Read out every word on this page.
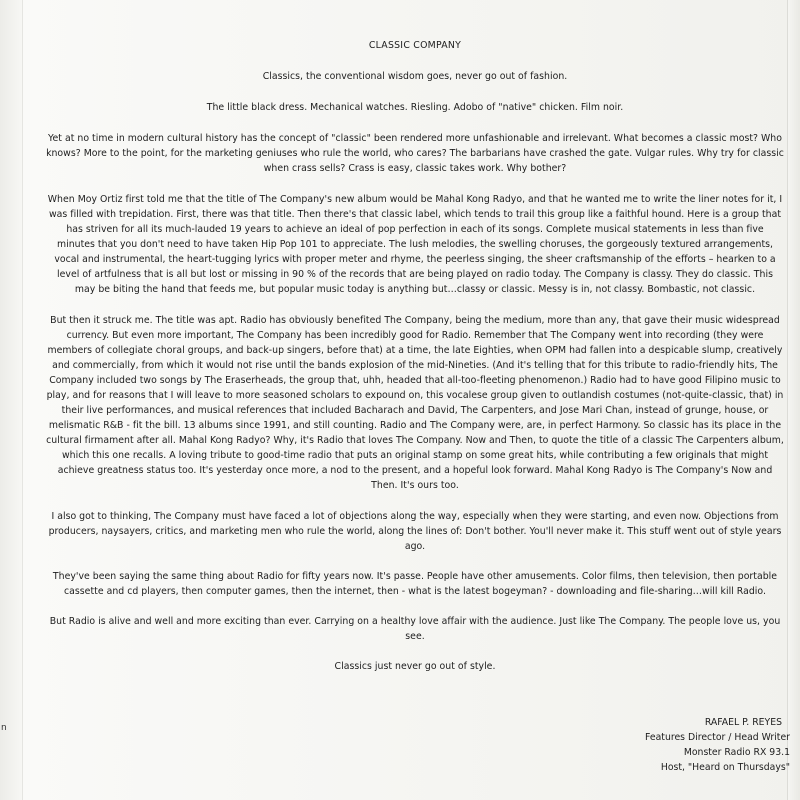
n
CLASSIC COMPANY

Classics, the conventional wisdom goes, never go out of fashion.

The little black dress. Mechanical watches. Riesling. Adobo of "native" chicken. Film noir.

Yet at no time in modern cultural history has the concept of "classic" been rendered more unfashionable and irrelevant. What becomes a classic most? Who knows? More to the point, for the marketing geniuses who rule the world, who cares? The barbarians have crashed the gate. Vulgar rules. Why try for classic when crass sells? Crass is easy, classic takes work. Why bother?

When Moy Ortiz first told me that the title of The Company's new album would be Mahal Kong Radyo, and that he wanted me to write the liner notes for it, I was filled with trepidation. First, there was that title. Then there's that classic label, which tends to trail this group like a faithful hound. Here is a group that has striven for all its much-lauded 19 years to achieve an ideal of pop perfection in each of its songs. Complete musical statements in less than five minutes that you don't need to have taken Hip Pop 101 to appreciate. The lush melodies, the swelling choruses, the gorgeously textured arrangements, vocal and instrumental, the heart-tugging lyrics with proper meter and rhyme, the peerless singing, the sheer craftsmanship of the efforts – hearken to a level of artfulness that is all but lost or missing in 90 % of the records that are being played on radio today. The Company is classy. They do classic. This may be biting the hand that feeds me, but popular music today is anything but…classy or classic. Messy is in, not classy. Bombastic, not classic.

But then it struck me. The title was apt. Radio has obviously benefited The Company, being the medium, more than any, that gave their music widespread currency. But even more important, The Company has been incredibly good for Radio. Remember that The Company went into recording (they were members of collegiate choral groups, and back-up singers, before that) at a time, the late Eighties, when OPM had fallen into a despicable slump, creatively and commercially, from which it would not rise until the bands explosion of the mid-Nineties. (And it's telling that for this tribute to radio-friendly hits, The Company included two songs by The Eraserheads, the group that, uhh, headed that all-too-fleeting phenomenon.) Radio had to have good Filipino music to play, and for reasons that I will leave to more seasoned scholars to expound on, this vocalese group given to outlandish costumes (not-quite-classic, that) in their live performances, and musical references that included Bacharach and David, The Carpenters, and Jose Mari Chan, instead of grunge, house, or melismatic R&B - fit the bill. 13 albums since 1991, and still counting. Radio and The Company were, are, in perfect Harmony. So classic has its place in the cultural firmament after all. Mahal Kong Radyo? Why, it's Radio that loves The Company. Now and Then, to quote the title of a classic The Carpenters album, which this one recalls. A loving tribute to good-time radio that puts an original stamp on some great hits, while contributing a few originals that might achieve greatness status too. It's yesterday once more, a nod to the present, and a hopeful look forward. Mahal Kong Radyo is The Company's Now and Then. It's ours too.

I also got to thinking, The Company must have faced a lot of objections along the way, especially when they were starting, and even now. Objections from producers, naysayers, critics, and marketing men who rule the world, along the lines of: Don't bother. You'll never make it. This stuff went out of style years ago.

They've been saying the same thing about Radio for fifty years now. It's passe. People have other amusements. Color films, then television, then portable cassette and cd players, then computer games, then the internet, then - what is the latest bogeyman? - downloading and file-sharing…will kill Radio.

But Radio is alive and well and more exciting than ever. Carrying on a healthy love affair with the audience. Just like The Company. The people love us, you see.

Classics just never go out of style.

RAFAEL P. REYES
Features Director / Head Writer
Monster Radio RX 93.1
Host, "Heard on Thursdays"
